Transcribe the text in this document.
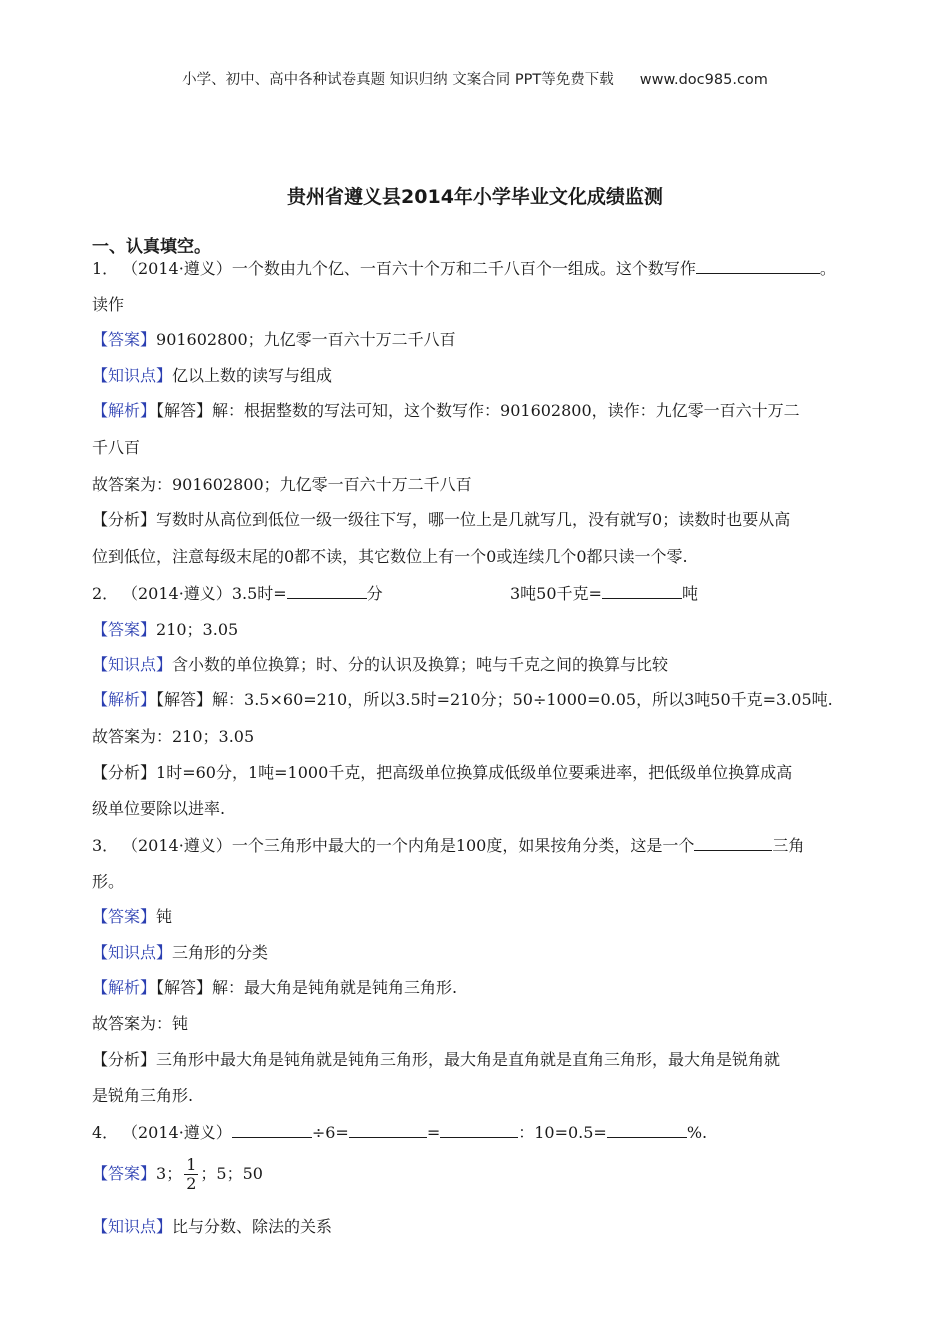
小学、初中、高中各种试卷真题 知识归纳 文案合同 PPT等免费下载 www.doc985.com
贵州省遵义县2014年小学毕业文化成绩监测
一、认真填空。
1． （2014·遵义）一个数由九个亿、一百六十个万和二千八百个一组成。这个数写作	。
读作
【答案】901602800；九亿零一百六十万二千八百
【知识点】亿以上数的读写与组成
【解析】【解答】解：根据整数的写法可知，这个数写作：901602800，读作：九亿零一百六十万二
千八百
故答案为：901602800；九亿零一百六十万二千八百
【分析】写数时从高位到低位一级一级往下写，哪一位上是几就写几，没有就写0；读数时也要从高
位到低位，注意每级末尾的0都不读，其它数位上有一个0或连续几个0都只读一个零.
2． （2014·遵义）3.5时=	分	3吨50千克=	吨
【答案】210；3.05
【知识点】含小数的单位换算；时、分的认识及换算；吨与千克之间的换算与比较
【解析】【解答】解：3.5×60=210，所以3.5时=210分；50÷1000=0.05，所以3吨50千克=3.05吨.
故答案为：210；3.05
【分析】1时=60分，1吨=1000千克，把高级单位换算成低级单位要乘进率，把低级单位换算成高
级单位要除以进率.
3． （2014·遵义）一个三角形中最大的一个内角是100度，如果按角分类，这是一个	三角
形。
【答案】钝
【知识点】三角形的分类
【解析】【解答】解：最大角是钝角就是钝角三角形.
故答案为：钝
【分析】三角形中最大角是钝角就是钝角三角形，最大角是直角就是直角三角形，最大角是锐角就
是锐角三角形.
4． （2014·遵义）	÷6=	=	：10=0.5=	%.
【答案】3； $\frac{1}{2}$ ；5；50
【知识点】比与分数、除法的关系
